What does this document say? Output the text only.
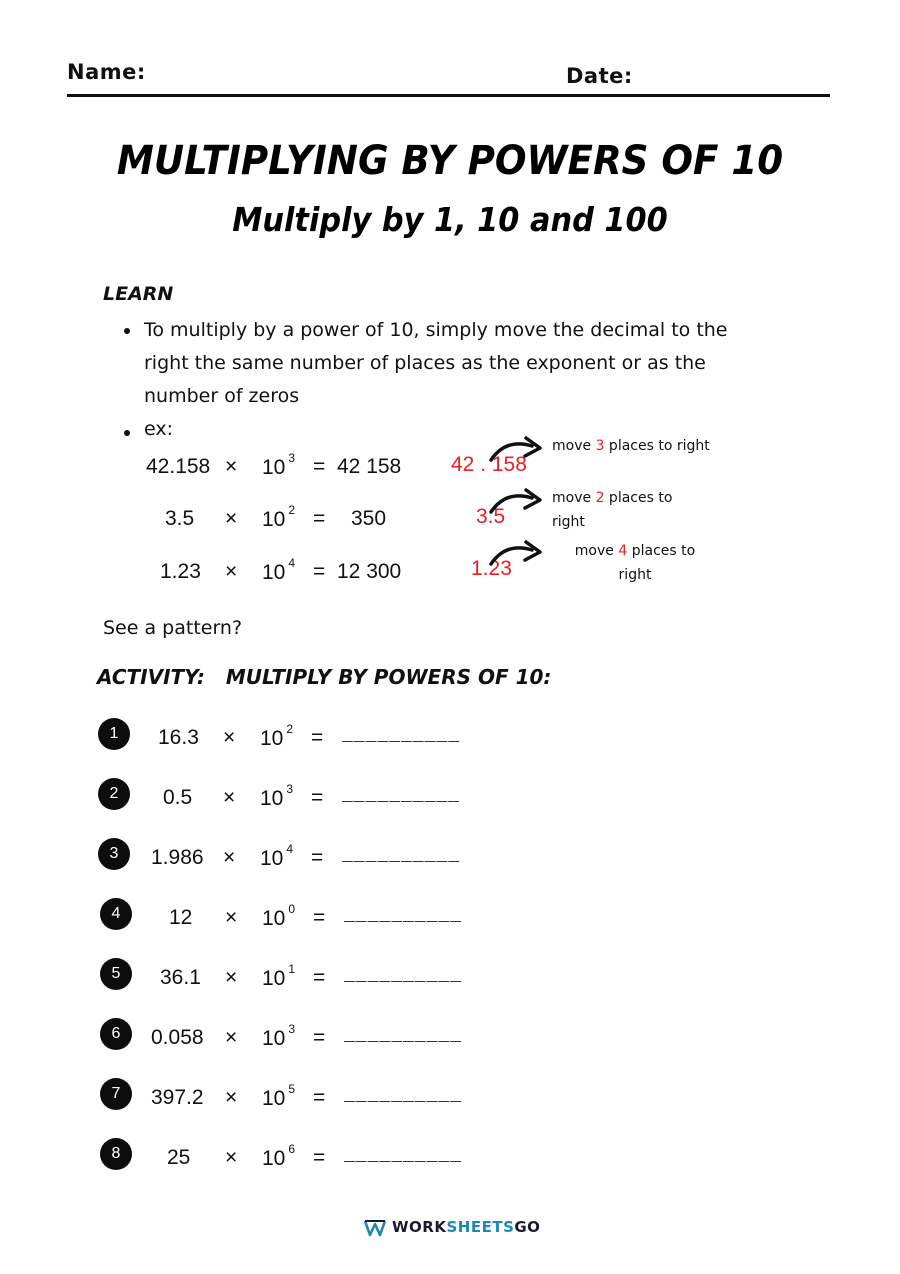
Name:	Date:
MULTIPLYING BY POWERS OF 10
Multiply by 1, 10 and 100
LEARN
To multiply by a power of 10, simply move the decimal to the
right the same number of places as the exponent or as the
number of zeros
ex:
42.158 × 10 $^3$ = 42 158
3.5 × 10 $^2$ = 350
1.23 × 10 $^4$ = 12 300
42 . 158
move 3 places to right
3.5
move 2 places to
right
1.23
move 4 places to
right
See a pattern?
ACTIVITY:   MULTIPLY BY POWERS OF 10:
1	16.3 × 10 $^2$ = __________
2	0.5 × 10 $^3$ = __________
3	1.986 × 10 $^4$ = __________
4	12 × 10 $^0$ = __________
5	36.1 × 10 $^1$ = __________
6	0.058 × 10 $^3$ = __________
7	397.2 × 10 $^5$ = __________
8	25 × 10 $^6$ = __________
WORKSHEETSGO
